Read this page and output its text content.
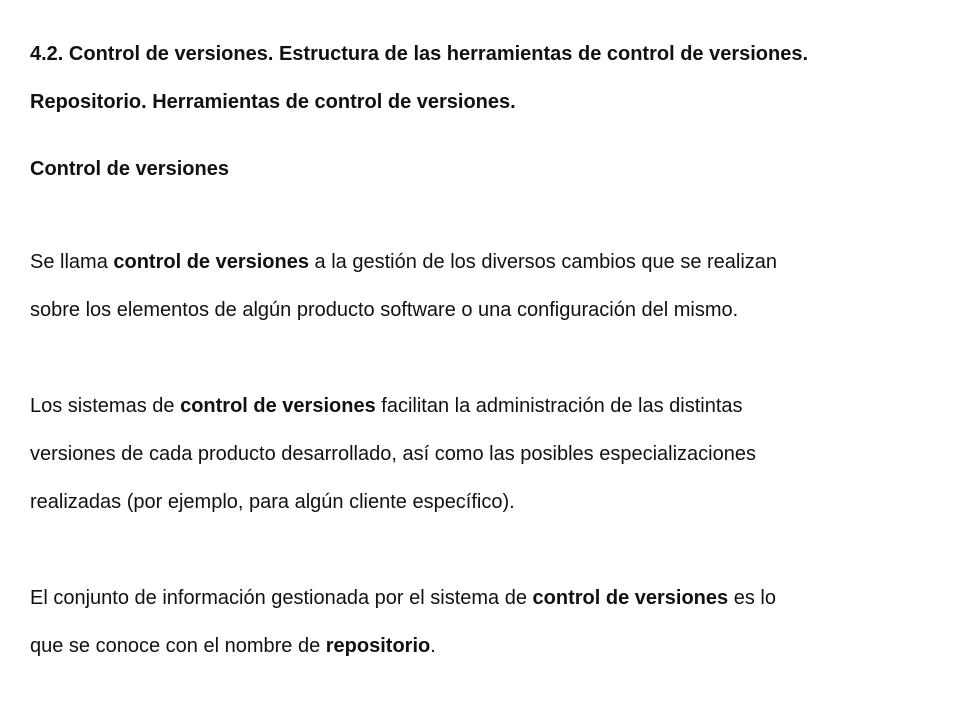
4.2. Control de versiones. Estructura de las herramientas de control de versiones.
Repositorio. Herramientas de control de versiones.
Control de versiones

Se llama control de versiones a la gestión de los diversos cambios que se realizan
sobre los elementos de algún producto software o una configuración del mismo.

Los sistemas de control de versiones facilitan la administración de las distintas
versiones de cada producto desarrollado, así como las posibles especializaciones
realizadas (por ejemplo, para algún cliente específico).

El conjunto de información gestionada por el sistema de control de versiones es lo
que se conoce con el nombre de repositorio.
